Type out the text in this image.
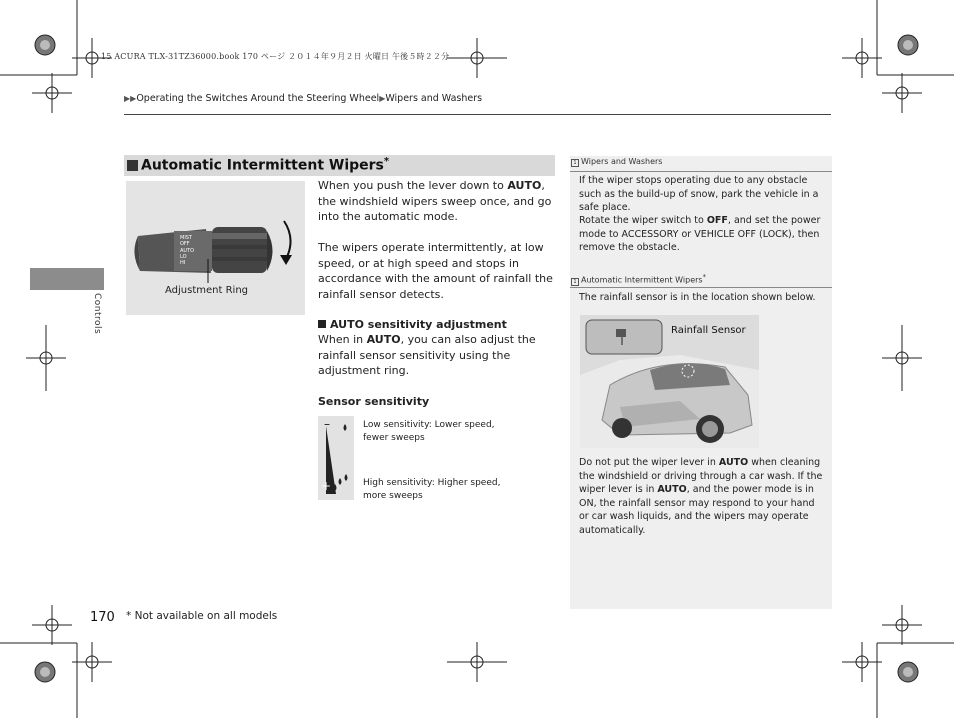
15 ACURA TLX-31TZ36000.book 170 ページ ２０１４年９月２日 火曜日 午後５時２２分
▶▶Operating the Switches Around the Steering Wheel▶Wipers and Washers
Controls
Automatic Intermittent Wipers*
MIST
OFF
AUTO
LO
HI
Adjustment Ring
When you push the lever down to AUTO, the windshield wipers sweep once, and go into the automatic mode.
The wipers operate intermittently, at low speed, or at high speed and stops in accordance with the amount of rainfall the rainfall sensor detects.
AUTO sensitivity adjustment
When in AUTO, you can also adjust the rainfall sensor sensitivity using the adjustment ring.
Sensor sensitivity
–
+
Low sensitivity: Lower speed,
fewer sweeps
High sensitivity: Higher speed,
more sweeps
1 Wipers and Washers
If the wiper stops operating due to any obstacle such as the build-up of snow, park the vehicle in a safe place.
Rotate the wiper switch to OFF, and set the power mode to ACCESSORY or VEHICLE OFF (LOCK), then remove the obstacle.
1 Automatic Intermittent Wipers*
The rainfall sensor is in the location shown below.
Rainfall Sensor
Do not put the wiper lever in AUTO when cleaning the windshield or driving through a car wash. If the wiper lever is in AUTO, and the power mode is in ON, the rainfall sensor may respond to your hand or car wash liquids, and the wipers may operate automatically.
170 * Not available on all models
